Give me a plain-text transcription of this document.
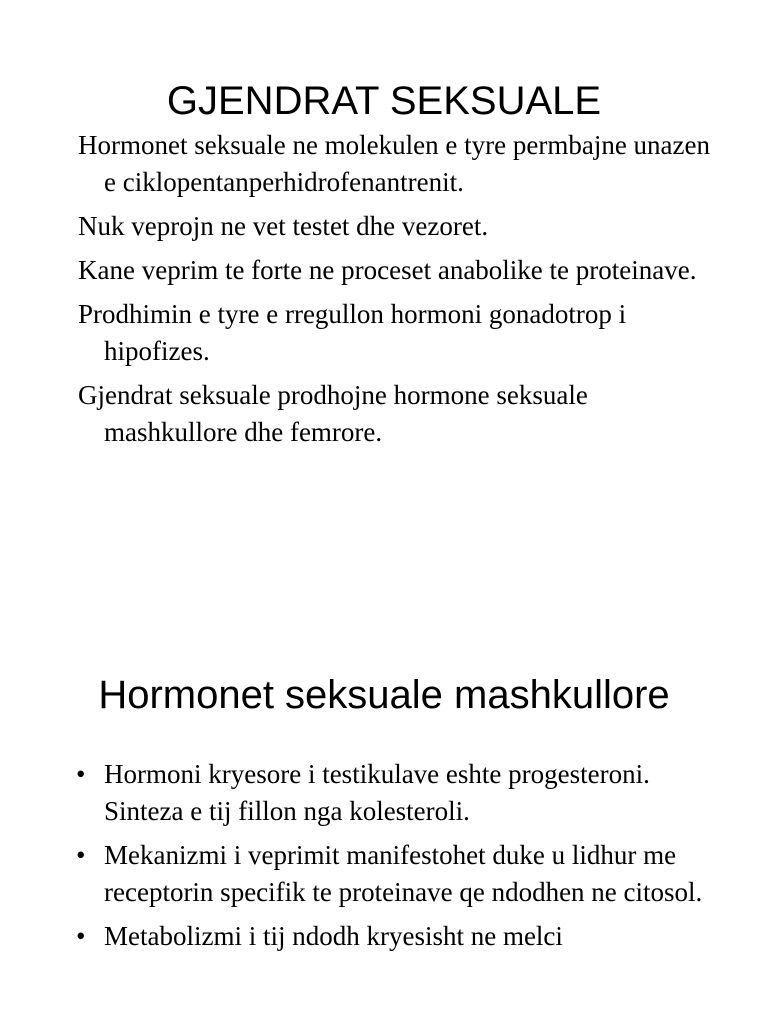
GJENDRAT SEKSUALE
Hormonet seksuale ne molekulen e tyre permbajne unazen e ciklopentanperhidrofenantrenit.
Nuk veprojn ne vet testet dhe vezoret.
Kane veprim te forte ne proceset anabolike te proteinave.
Prodhimin e tyre e rregullon hormoni gonadotrop i hipofizes.
Gjendrat seksuale prodhojne hormone seksuale mashkullore dhe femrore.
Hormonet seksuale mashkullore
• Hormoni kryesore i testikulave eshte progesteroni. Sinteza e tij fillon nga kolesteroli.
• Mekanizmi i veprimit manifestohet duke u lidhur me receptorin specifik te proteinave qe ndodhen ne citosol.
• Metabolizmi i tij ndodh kryesisht ne melci
